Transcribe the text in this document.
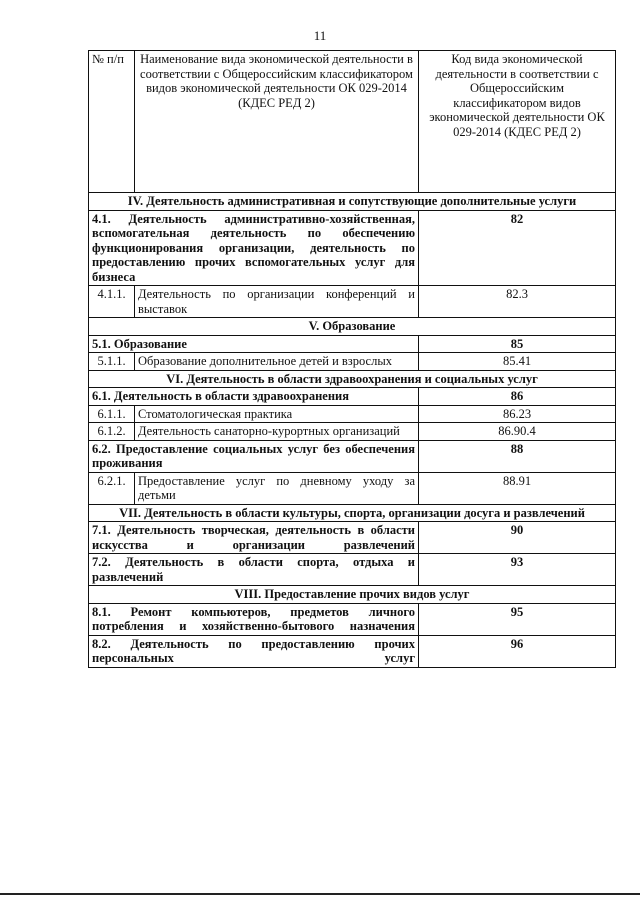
11
№ п/п	Наименование вида экономической деятельности в соответствии с Общероссийским классификатором видов экономической деятельности ОК 029-2014 (КДЕС РЕД 2)	Код вида экономической деятельности в соответствии с Общероссийским классификатором видов экономической деятельности ОК 029-2014 (КДЕС РЕД 2)
IV. Деятельность административная и сопутствующие дополнительные услуги		
4.1. Деятельность административно-хозяйственная, вспомогательная деятельность по обеспечению функционирования организации, деятельность по предоставлению прочих вспомогательных услуг для бизнеса		82
4.1.1.	Деятельность по организации конференций и выставок	82.3
V. Образование		
5.1. Образование		85
5.1.1.	Образование дополнительное детей и взрослых	85.41
VI. Деятельность в области здравоохранения и социальных услуг		
6.1. Деятельность в области здравоохранения		86
6.1.1.	Стоматологическая практика	86.23
6.1.2.	Деятельность санаторно-курортных организаций	86.90.4
6.2. Предоставление социальных услуг без обеспечения проживания		88
6.2.1.	Предоставление услуг по дневному уходу за детьми	88.91
VII. Деятельность в области культуры, спорта, организации досуга и развлечений		
7.1. Деятельность творческая, деятельность в области искусства и организации развлечений		90
7.2. Деятельность в области спорта, отдыха и развлечений		93
VIII. Предоставление прочих видов услуг		
8.1. Ремонт компьютеров, предметов личного потребления и хозяйственно-бытового назначения		95
8.2. Деятельность по предоставлению прочих персональных услуг		96
